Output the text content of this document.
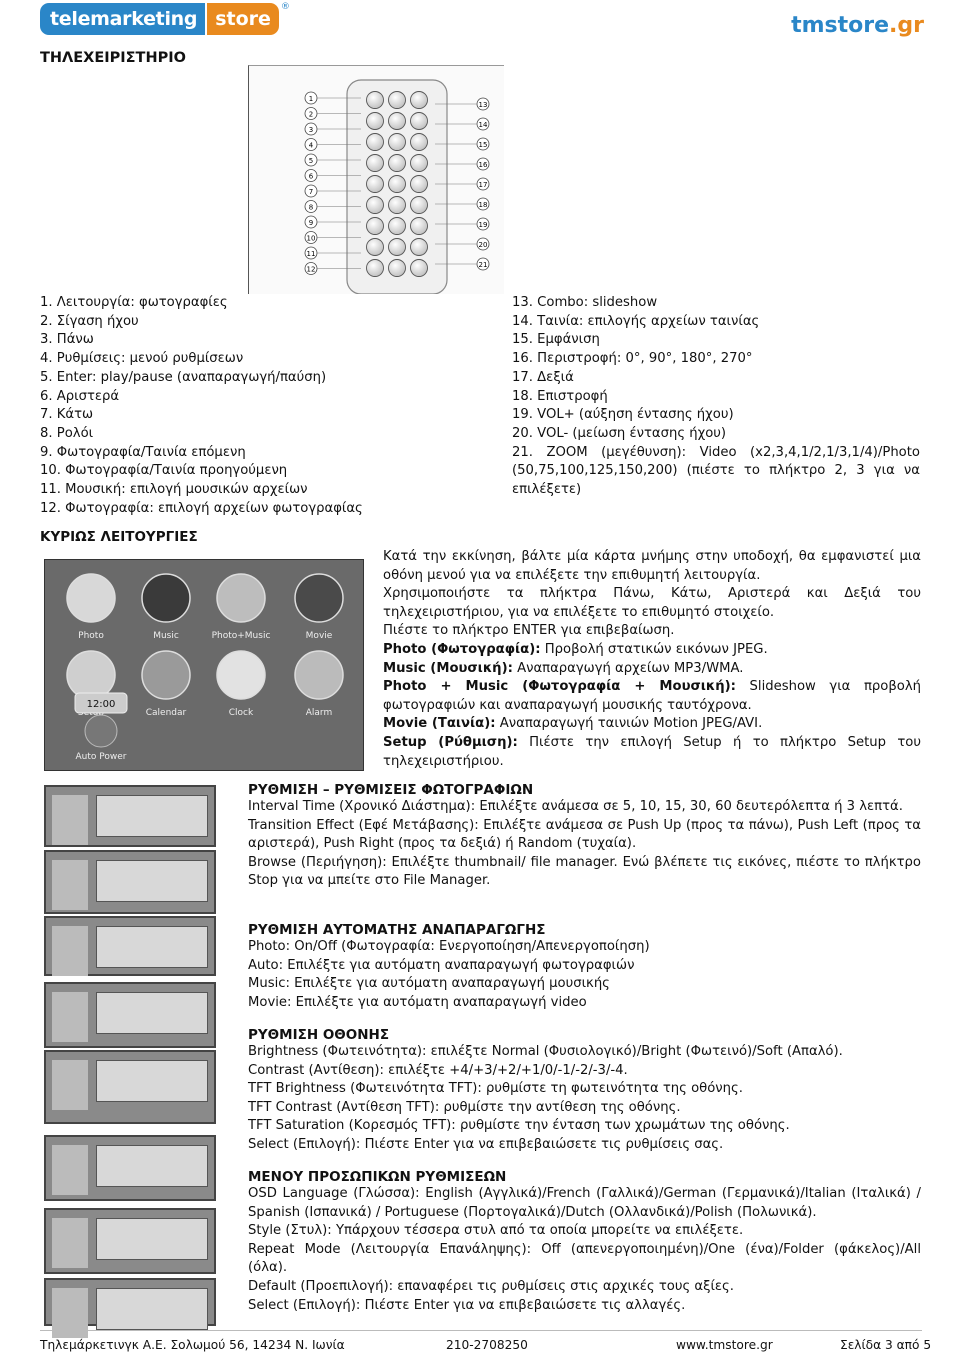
telemarketing store
®
tmstore.gr
ΤΗΛΕΧΕΙΡΙΣΤΗΡΙΟ
1
2
3
4
5
6
7
8
9
10
11
12
13
14
15
16
17
18
19
20
21
1. Λειτουργία: φωτογραφίες
2. Σίγαση ήχου
3. Πάνω
4. Ρυθμίσεις: μενού ρυθμίσεων
5. Enter: play/pause (αναπαραγωγή/παύση)
6. Αριστερά
7. Κάτω
8. Ρολόι
9. Φωτογραφία/Ταινία επόμενη
10. Φωτογραφία/Ταινία προηγούμενη
11. Μουσική: επιλογή μουσικών αρχείων
12. Φωτογραφία: επιλογή αρχείων φωτογραφίας
13. Combo: slideshow
14. Ταινία: επιλογής αρχείων ταινίας
15. Εμφάνιση
16. Περιστροφή: 0°, 90°, 180°, 270°
17. Δεξιά
18. Επιστροφή
19. VOL+ (αύξηση έντασης ήχου)
20. VOL- (μείωση έντασης ήχου)
21. ZOOM (μεγέθυνση): Video (x2,3,4,1/2,1/3,1/4)/Photo (50,75,100,125,150,200) (πιέστε το πλήκτρο 2, 3 για να επιλέξετε)
ΚΥΡΙΩΣ ΛΕΙΤΟΥΡΓΙΕΣ
Photo	Music	Photo+Music	Movie
Calendar	Clock	Alarm
12:00
Auto Power

Κατά την εκκίνηση, βάλτε μία κάρτα μνήμης στην υποδοχή, θα εμφανιστεί μια οθόνη μενού για να επιλέξετε την επιθυμητή λειτουργία.

Χρησιμοποιήστε τα πλήκτρα Πάνω, Κάτω, Αριστερά και Δεξιά του τηλεχειριστήριου, για να επιλέξετε το επιθυμητό στοιχείο.

Πιέστε το πλήκτρο ENTER για επιβεβαίωση.

Photo (Φωτογραφία): Προβολή στατικών εικόνων JPEG.

Music (Μουσική): Αναπαραγωγή αρχείων MP3/WMA.

Photo + Music (Φωτογραφία + Μουσική): Slideshow για προβολή φωτογραφιών και αναπαραγωγή μουσικής ταυτόχρονα.

Movie (Ταινία): Αναπαραγωγή ταινιών Motion JPEG/AVI.

Setup (Ρύθμιση): Πιέστε την επιλογή Setup ή το πλήκτρο Setup του τηλεχειριστήριου.

ΡΥΘΜΙΣΗ – ΡΥΘΜΙΣΕΙΣ ΦΩΤΟΓΡΑΦΙΩΝ

Interval Time (Χρονικό Διάστημα): Επιλέξτε ανάμεσα σε 5, 10, 15, 30, 60 δευτερόλεπτα ή 3 λεπτά.

Transition Effect (Εφέ Μετάβασης): Επιλέξτε ανάμεσα σε Push Up (προς τα πάνω), Push Left (προς τα αριστερά), Push Right (προς τα δεξιά) ή Random (τυχαία).

Browse (Περιήγηση): Επιλέξτε thumbnail/ file manager. Ενώ βλέπετε τις εικόνες, πιέστε το πλήκτρο Stop για να μπείτε στο File Manager.

ΡΥΘΜΙΣΗ ΑΥΤΟΜΑΤΗΣ ΑΝΑΠΑΡΑΓΩΓΗΣ

Photo: On/Off (Φωτογραφία: Ενεργοποίηση/Απενεργοποίηση)

Auto: Επιλέξτε για αυτόματη αναπαραγωγή φωτογραφιών

Music: Επιλέξτε για αυτόματη αναπαραγωγή μουσικής

Movie: Επιλέξτε για αυτόματη αναπαραγωγή video

ΡΥΘΜΙΣΗ ΟΘΟΝΗΣ

Brightness (Φωτεινότητα): επιλέξτε Normal (Φυσιολογικό)/Bright (Φωτεινό)/Soft (Απαλό).

Contrast (Αντίθεση): επιλέξτε +4/+3/+2/+1/0/-1/-2/-3/-4.

TFT Brightness (Φωτεινότητα TFT): ρυθμίστε τη φωτεινότητα της οθόνης.

TFT Contrast (Αντίθεση TFT): ρυθμίστε την αντίθεση της οθόνης.

TFT Saturation (Κορεσμός TFT): ρυθμίστε την ένταση των χρωμάτων της οθόνης.

Select (Επιλογή): Πιέστε Enter για να επιβεβαιώσετε τις ρυθμίσεις σας.

ΜΕΝΟΥ ΠΡΟΣΩΠΙΚΩΝ ΡΥΘΜΙΣΕΩΝ

OSD Language (Γλώσσα): English (Αγγλικά)/French (Γαλλικά)/German (Γερμανικά)/Italian (Ιταλικά) / Spanish (Ισπανικά) / Portuguese (Πορτογαλικά)/Dutch (Ολλανδικά)/Polish (Πολωνικά).

Style (Στυλ): Υπάρχουν τέσσερα στυλ από τα οποία μπορείτε να επιλέξετε.

Repeat Mode (Λειτουργία Επανάληψης): Off (απενεργοποιημένη)/One (ένα)/Folder (φάκελος)/All (όλα).

Default (Προεπιλογή): επαναφέρει τις ρυθμίσεις στις αρχικές τους αξίες.

Select (Επιλογή): Πιέστε Enter για να επιβεβαιώσετε τις αλλαγές.

Τηλεμάρκετινγκ Α.Ε. Σολωμού 56, 14234 Ν. Ιωνία	210-2708250	www.tmstore.gr	Σελίδα 3 από 5
